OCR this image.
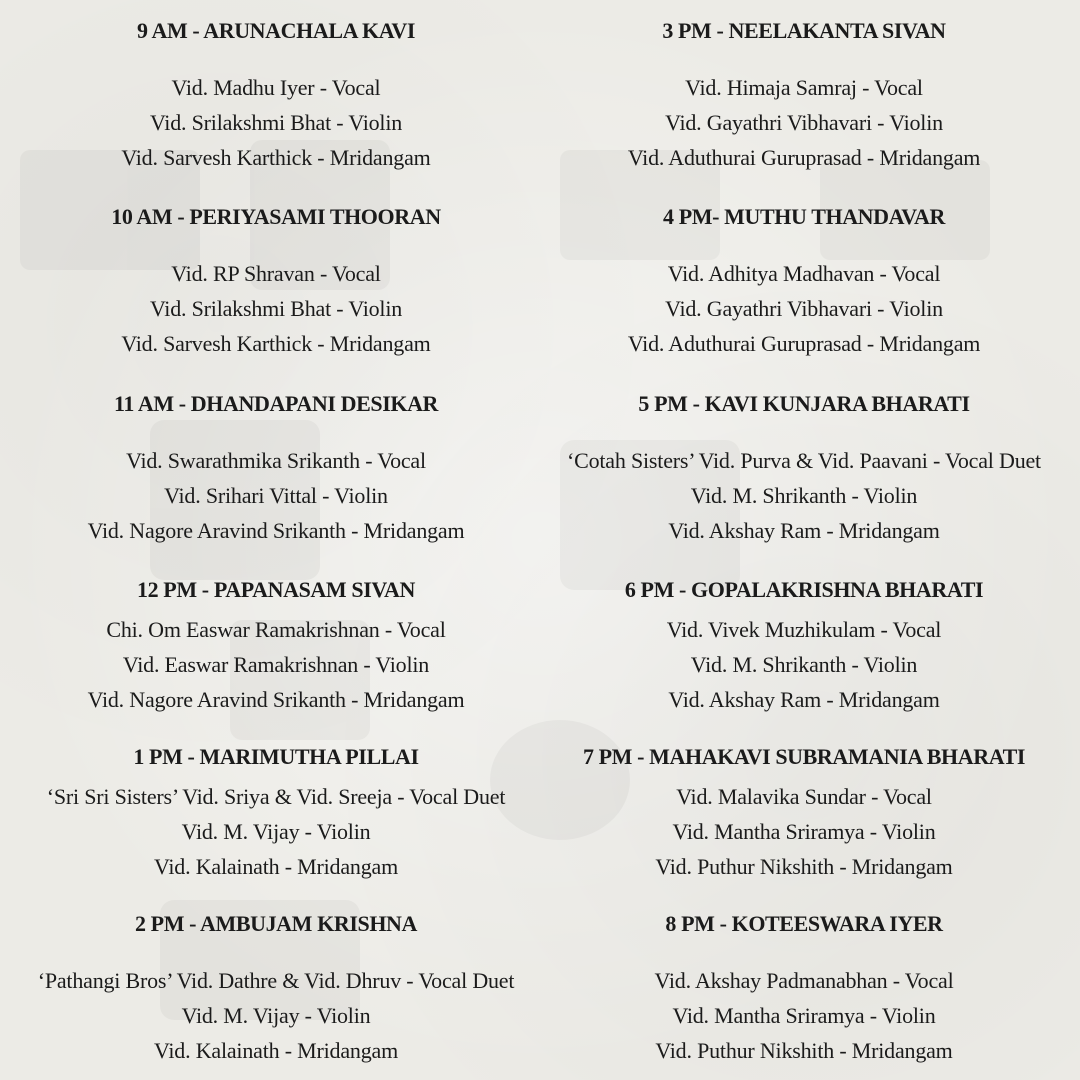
9 AM - ARUNACHALA KAVI
Vid. Madhu Iyer - Vocal
Vid. Srilakshmi Bhat - Violin
Vid. Sarvesh Karthick - Mridangam
10 AM - PERIYASAMI THOORAN
Vid. RP Shravan - Vocal
Vid. Srilakshmi Bhat - Violin
Vid. Sarvesh Karthick - Mridangam
11 AM - DHANDAPANI DESIKAR
Vid. Swarathmika Srikanth - Vocal
Vid. Srihari Vittal - Violin
Vid. Nagore Aravind Srikanth - Mridangam
12 PM - PAPANASAM SIVAN
Chi. Om Easwar Ramakrishnan - Vocal
Vid. Easwar Ramakrishnan - Violin
Vid. Nagore Aravind Srikanth - Mridangam
1 PM - MARIMUTHA PILLAI
‘Sri Sri Sisters’ Vid. Sriya & Vid. Sreeja - Vocal Duet
Vid. M. Vijay - Violin
Vid. Kalainath - Mridangam
2 PM - AMBUJAM KRISHNA
‘Pathangi Bros’ Vid. Dathre & Vid. Dhruv - Vocal Duet
Vid. M. Vijay - Violin
Vid. Kalainath - Mridangam
3 PM - NEELAKANTA SIVAN
Vid. Himaja Samraj - Vocal
Vid. Gayathri Vibhavari - Violin
Vid. Aduthurai Guruprasad - Mridangam
4 PM- MUTHU THANDAVAR
Vid. Adhitya Madhavan - Vocal
Vid. Gayathri Vibhavari - Violin
Vid. Aduthurai Guruprasad - Mridangam
5 PM - KAVI KUNJARA BHARATI
‘Cotah Sisters’ Vid. Purva & Vid. Paavani - Vocal Duet
Vid. M. Shrikanth - Violin
Vid. Akshay Ram - Mridangam
6 PM - GOPALAKRISHNA BHARATI
Vid. Vivek Muzhikulam - Vocal
Vid. M. Shrikanth - Violin
Vid. Akshay Ram - Mridangam
7 PM - MAHAKAVI SUBRAMANIA BHARATI
Vid. Malavika Sundar - Vocal
Vid. Mantha Sriramya - Violin
Vid. Puthur Nikshith - Mridangam
8 PM - KOTEESWARA IYER
Vid. Akshay Padmanabhan - Vocal
Vid. Mantha Sriramya - Violin
Vid. Puthur Nikshith - Mridangam
